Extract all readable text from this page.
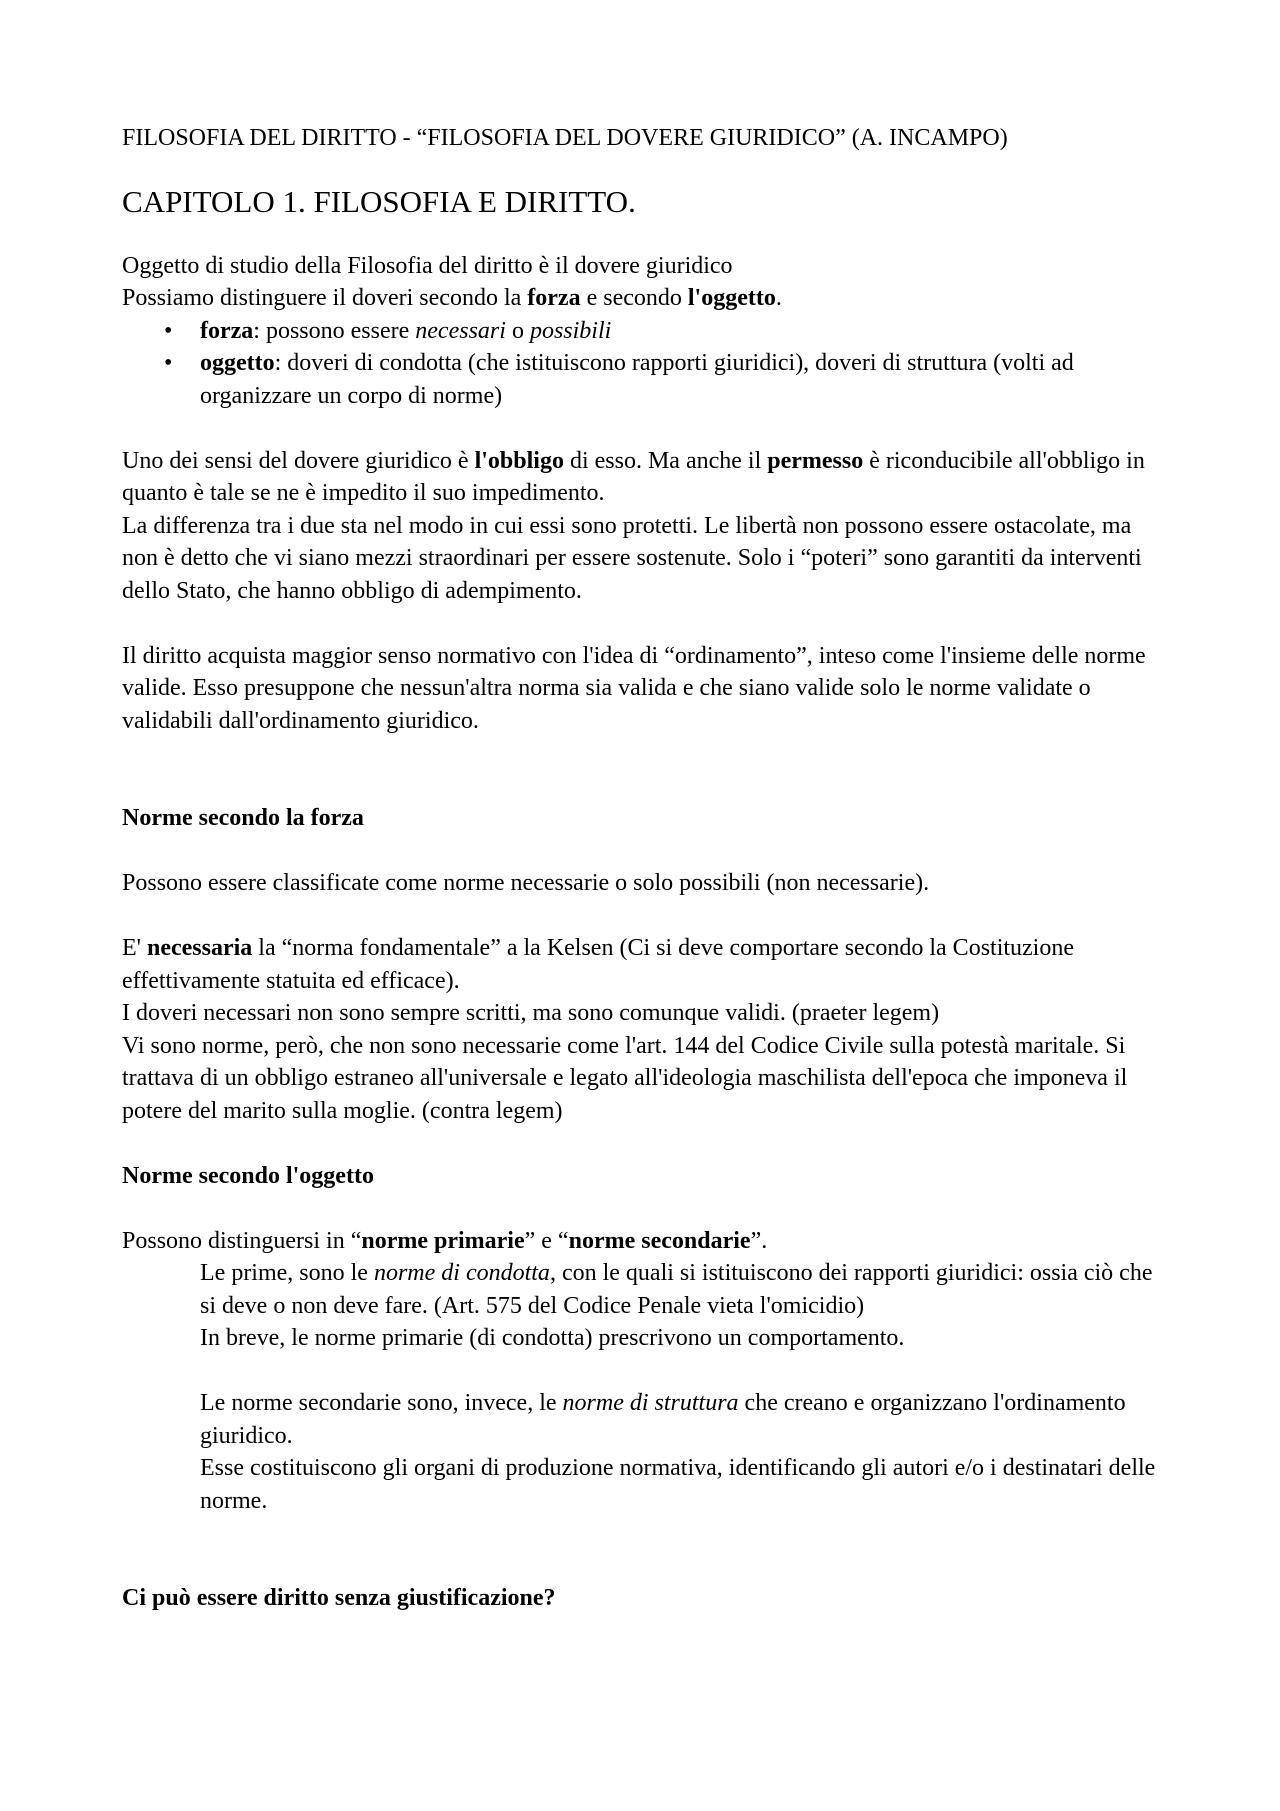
FILOSOFIA DEL DIRITTO - “FILOSOFIA DEL DOVERE GIURIDICO” (A. INCAMPO)

CAPITOLO 1. FILOSOFIA E DIRITTO.

Oggetto di studio della Filosofia del diritto è il dovere giuridico

Possiamo distinguere il doveri secondo la forza e secondo l'oggetto.

• forza: possono essere necessari o possibili
• oggetto: doveri di condotta (che istituiscono rapporti giuridici), doveri di struttura (volti ad organizzare un corpo di norme)

Uno dei sensi del dovere giuridico è l'obbligo di esso. Ma anche il permesso è riconducibile all'obbligo in quanto è tale se ne è impedito il suo impedimento.

La differenza tra i due sta nel modo in cui essi sono protetti. Le libertà non possono essere ostacolate, ma non è detto che vi siano mezzi straordinari per essere sostenute. Solo i “poteri” sono garantiti da interventi dello Stato, che hanno obbligo di adempimento.

Il diritto acquista maggior senso normativo con l'idea di “ordinamento”, inteso come l'insieme delle norme valide. Esso presuppone che nessun'altra norma sia valida e che siano valide solo le norme validate o validabili dall'ordinamento giuridico.

Norme secondo la forza

Possono essere classificate come norme necessarie o solo possibili (non necessarie).

E' necessaria la “norma fondamentale” a la Kelsen (Ci si deve comportare secondo la Costituzione effettivamente statuita ed efficace).

I doveri necessari non sono sempre scritti, ma sono comunque validi. (praeter legem)

Vi sono norme, però, che non sono necessarie come l'art. 144 del Codice Civile sulla potestà maritale. Si trattava di un obbligo estraneo all'universale e legato all'ideologia maschilista dell'epoca che imponeva il potere del marito sulla moglie. (contra legem)

Norme secondo l'oggetto

Possono distinguersi in “norme primarie” e “norme secondarie”.

Le prime, sono le norme di condotta, con le quali si istituiscono dei rapporti giuridici: ossia ciò che si deve o non deve fare. (Art. 575 del Codice Penale vieta l'omicidio)

In breve, le norme primarie (di condotta) prescrivono un comportamento.

Le norme secondarie sono, invece, le norme di struttura che creano e organizzano l'ordinamento giuridico.

Esse costituiscono gli organi di produzione normativa, identificando gli autori e/o i destinatari delle norme.

Ci può essere diritto senza giustificazione?
